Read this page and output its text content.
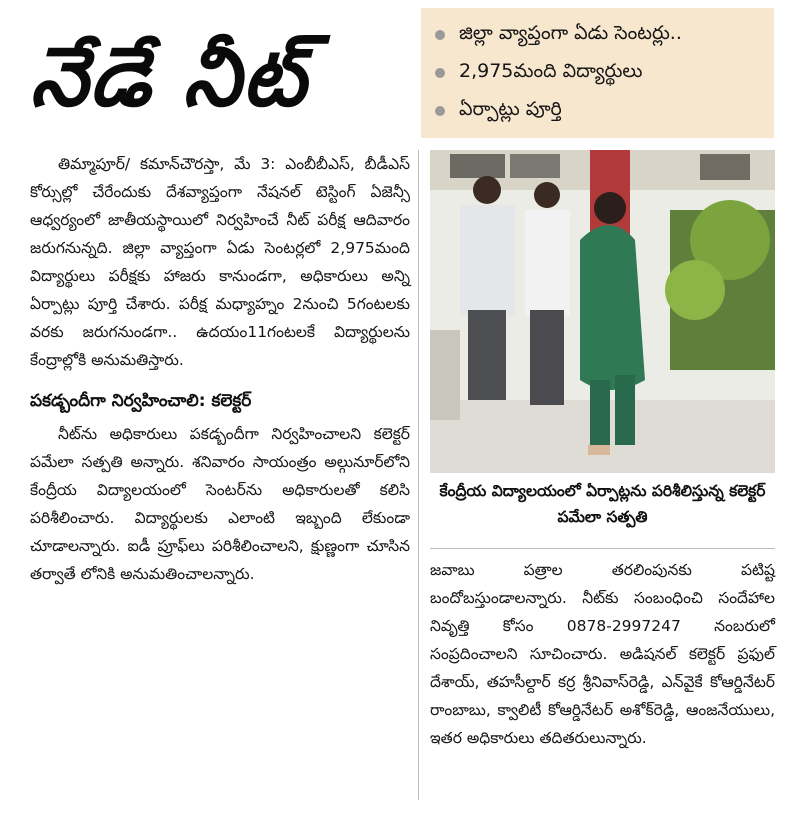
నేడే నీట్	జిల్లా వ్యాప్తంగా ఏడు సెంటర్లు..
2,975మంది విద్యార్థులు
ఏర్పాట్లు పూర్తి

తిమ్మాపూర్/ కమాన్‌చౌరస్తా, మే 3: ఎంబీబీఎస్, బీడీఎస్ కోర్సుల్లో చేరేందుకు దేశవ్యాప్తంగా నేషనల్ టెస్టింగ్ ఏజెన్సీ ఆధ్వర్యంలో జాతీయస్థాయిలో నిర్వహించే నీట్ పరీక్ష ఆదివారం జరుగనున్నది. జిల్లా వ్యాప్తంగా ఏడు సెంటర్లలో 2,975మంది విద్యార్థులు పరీక్షకు హాజరు కానుండగా, అధికారులు అన్ని ఏర్పాట్లు పూర్తి చేశారు. పరీక్ష మధ్యాహ్నం 2నుంచి 5గంటలకు వరకు జరుగనుండగా.. ఉదయం11గంటలకే విద్యార్థులను కేంద్రాల్లోకి అనుమతిస్తారు.

పకడ్బందీగా నిర్వహించాలి: కలెక్టర్

నీట్‌ను అధికారులు పకడ్బందీగా నిర్వహించాలని కలెక్టర్ పమేలా సత్పతి అన్నారు. శనివారం సాయంత్రం అల్గునూర్‌లోని కేంద్రీయ విద్యాలయంలో సెంటర్‌ను అధికారులతో కలిసి పరిశీలించారు. విద్యార్థులకు ఎలాంటి ఇబ్బంది లేకుండా చూడాలన్నారు. ఐడీ ప్రూఫ్‌లు పరిశీలించాలని, క్షుణ్ణంగా చూసిన తర్వాతే లోనికి అనుమతించాలన్నారు.

కేంద్రీయ విద్యాలయంలో ఏర్పాట్లను పరిశీలిస్తున్న కలెక్టర్ పమేలా సత్పతి

జవాబు పత్రాల తరలింపునకు పటిష్ట బందోబస్తుండాలన్నారు. నీట్‌కు సంబంధించి సందేహాల నివృత్తి కోసం 0878-2997247 నంబరులో సంప్రదించాలని సూచించారు. అడిషనల్ కలెక్టర్ ప్రఫుల్ దేశాయ్, తహసీల్దార్ కర్ర శ్రీనివాస్‌రెడ్డి, ఎన్‌వైకే కోఆర్డినేటర్ రాంబాబు, క్వాలిటీ కోఆర్డినేటర్ అశోక్‌రెడ్డి, ఆంజనేయులు, ఇతర అధికారులు తదితరులున్నారు.
